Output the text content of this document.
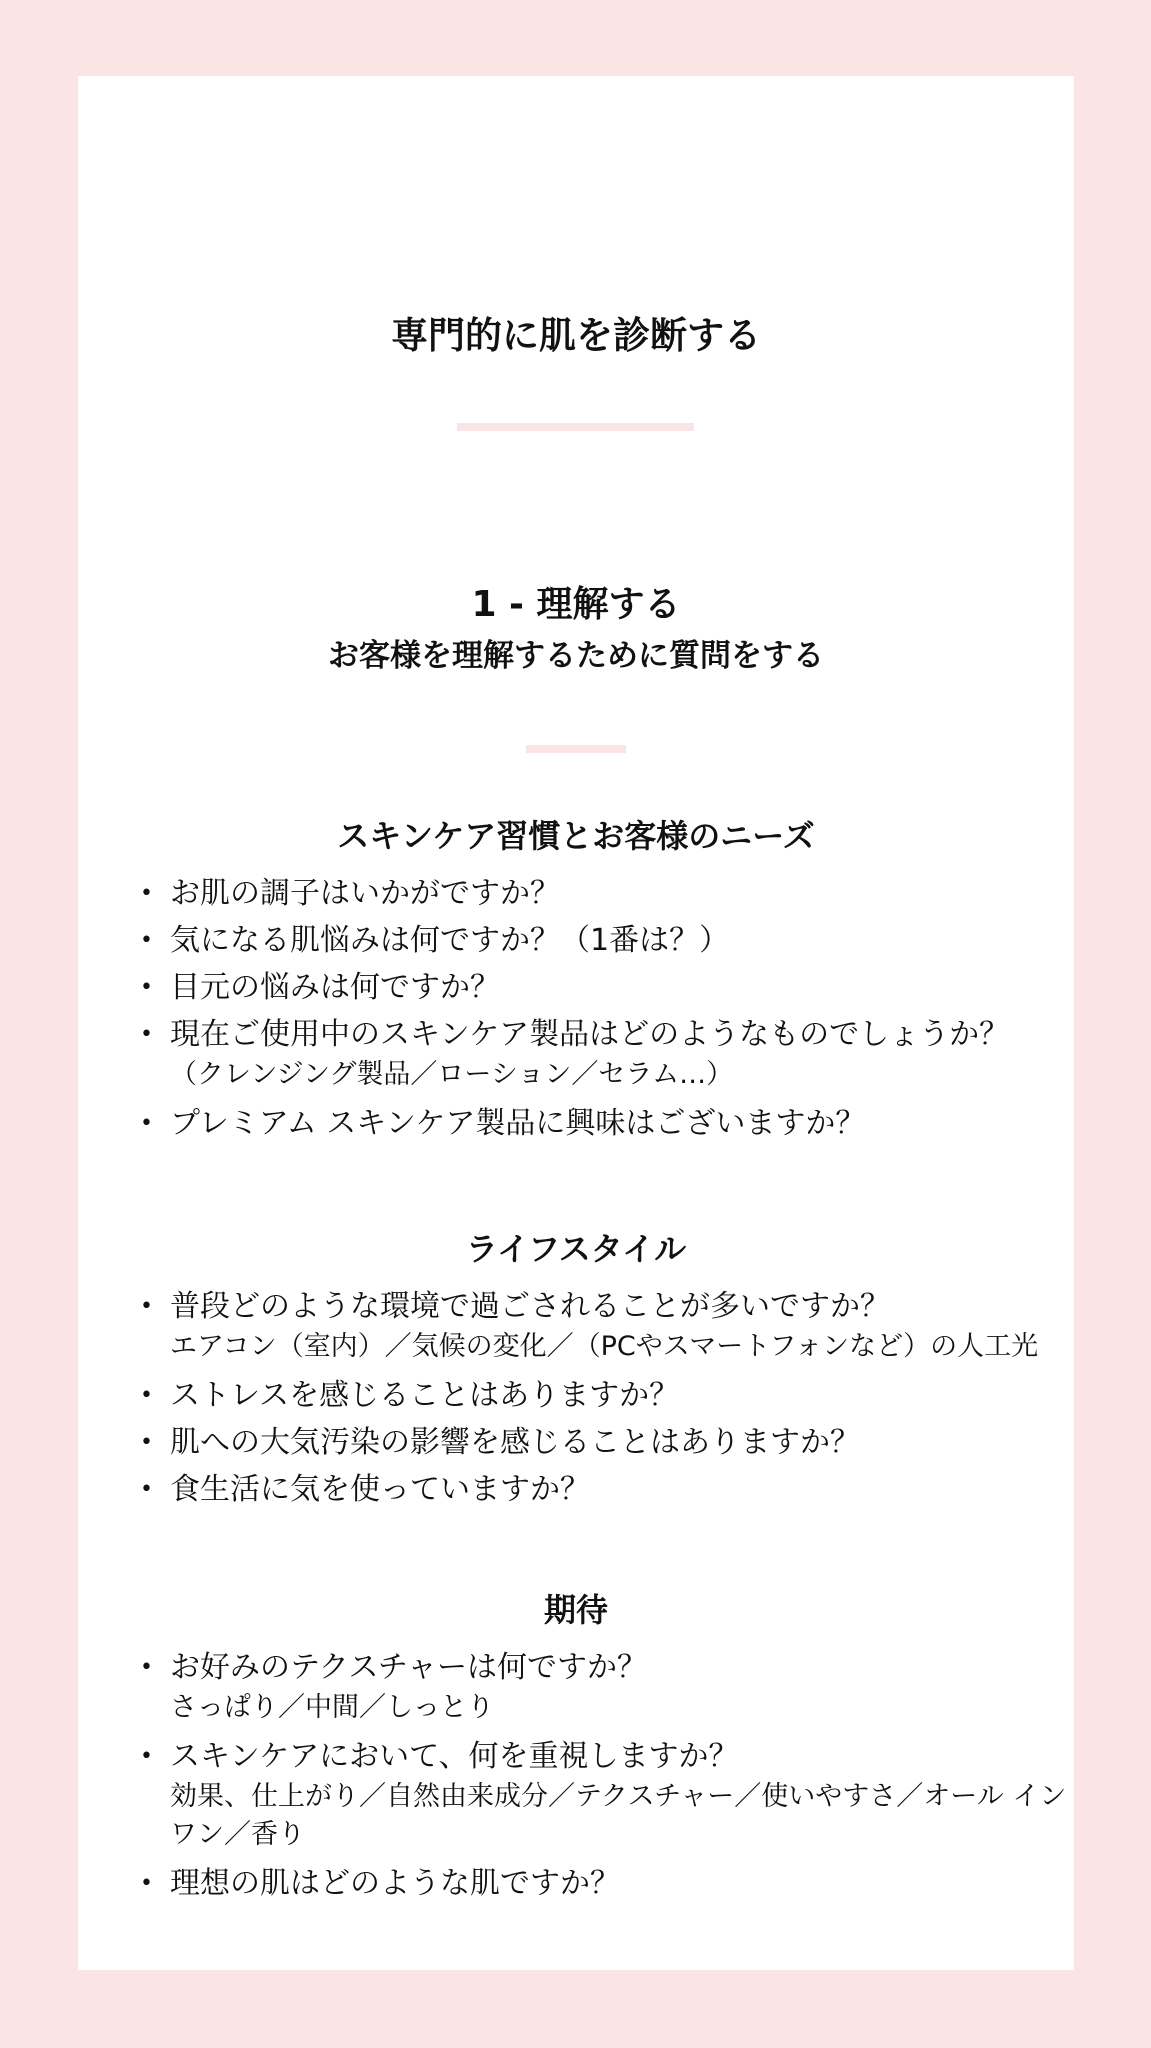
専門的に肌を診断する
1 - 理解する
お客様を理解するために質問をする
スキンケア習慣とお客様のニーズ
• お肌の調子はいかがですか？
• 気になる肌悩みは何ですか？（1番は？）
• 目元の悩みは何ですか？
• 現在ご使用中のスキンケア製品はどのようなものでしょうか？
（クレンジング製品／ローション／セラム…）
• プレミアム スキンケア製品に興味はございますか？
ライフスタイル
• 普段どのような環境で過ごされることが多いですか？
エアコン（室内）／気候の変化／（PCやスマートフォンなど）の人工光
• ストレスを感じることはありますか？
• 肌への大気汚染の影響を感じることはありますか？
• 食生活に気を使っていますか？
期待
• お好みのテクスチャーは何ですか？
さっぱり／中間／しっとり
• スキンケアにおいて、何を重視しますか？
効果、仕上がり／自然由来成分／テクスチャー／使いやすさ／オール イン ワン／香り
• 理想の肌はどのような肌ですか？
